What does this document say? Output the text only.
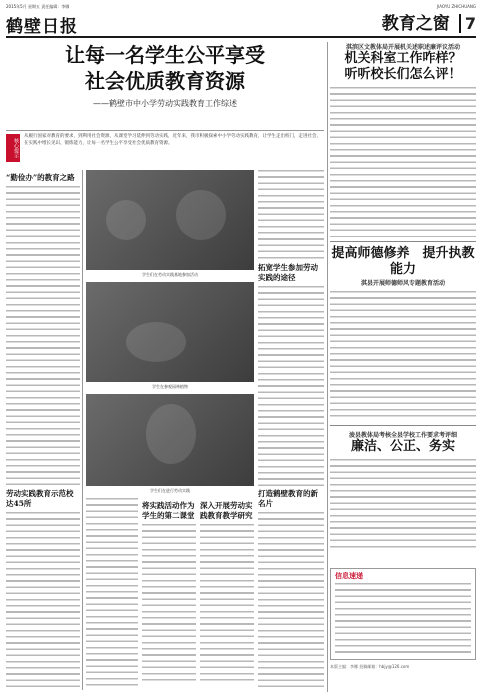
2015年5月 星期五 责任编辑：李娜
鹤壁日报
JIAOYU ZHICHUANG
教育之窗 7
让每一名学生公平享受
社会优质教育资源
——鹤壁市中小学劳动实践教育工作综述
核心提示
从履行国家对教育的要求，到利用社会资源，从课堂学习延伸到劳动实践，近年来，我市积极探索中小学劳动实践教育，让学生走出校门，走进社会，在实践中增长见识、锻炼能力，让每一名学生公平享受社会优质教育资源。
“勤俭办”的教育之路
劳动实践教育示范校达45所
学生们在劳动实践基地参加活动
学生在参观园林植物
学生们在进行劳动实践
拓宽学生参加劳动实践的途径
打造鹤壁教育的新名片
将实践活动作为学生的第二课堂
深入开展劳动实践教育教学研究
淇滨区文教体局开展机关述职述廉评议活动
机关科室工作咋样？
听听校长们怎么评！
提高师德修养　提升执教能力
淇县开展师德师风专题教育活动
浚县教体局考核全县学校工作要求考评细
廉洁、公正、务实
信息速递
本版主编：李娜 投稿邮箱：hbjy@126.com
